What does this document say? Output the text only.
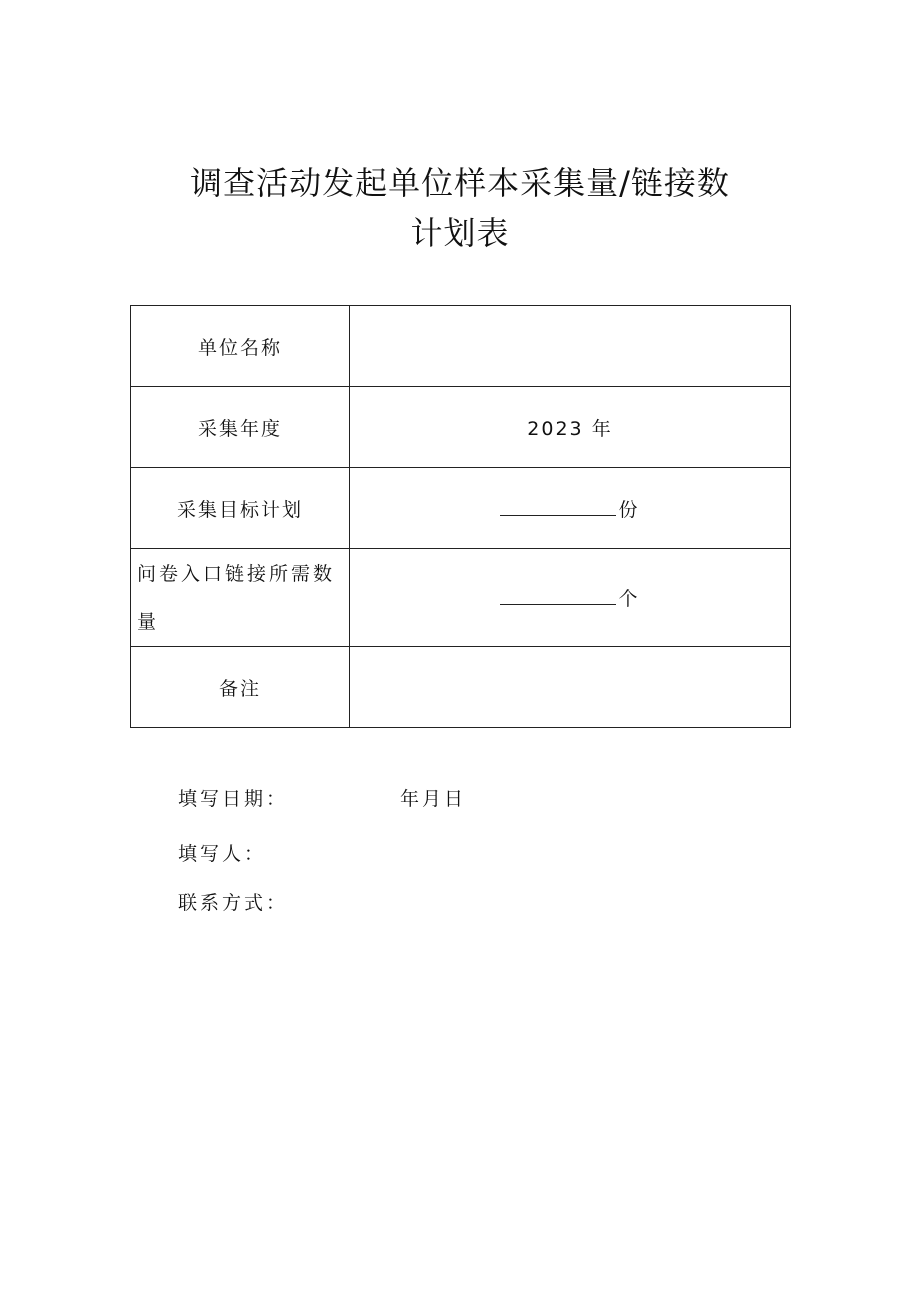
调查活动发起单位样本采集量/链接数
计划表
单位名称	
采集年度	2023 年
采集目标计划	份
问卷入口链接所需数量	个
备注	
填写日期：	年月日
填写人：
联系方式：
